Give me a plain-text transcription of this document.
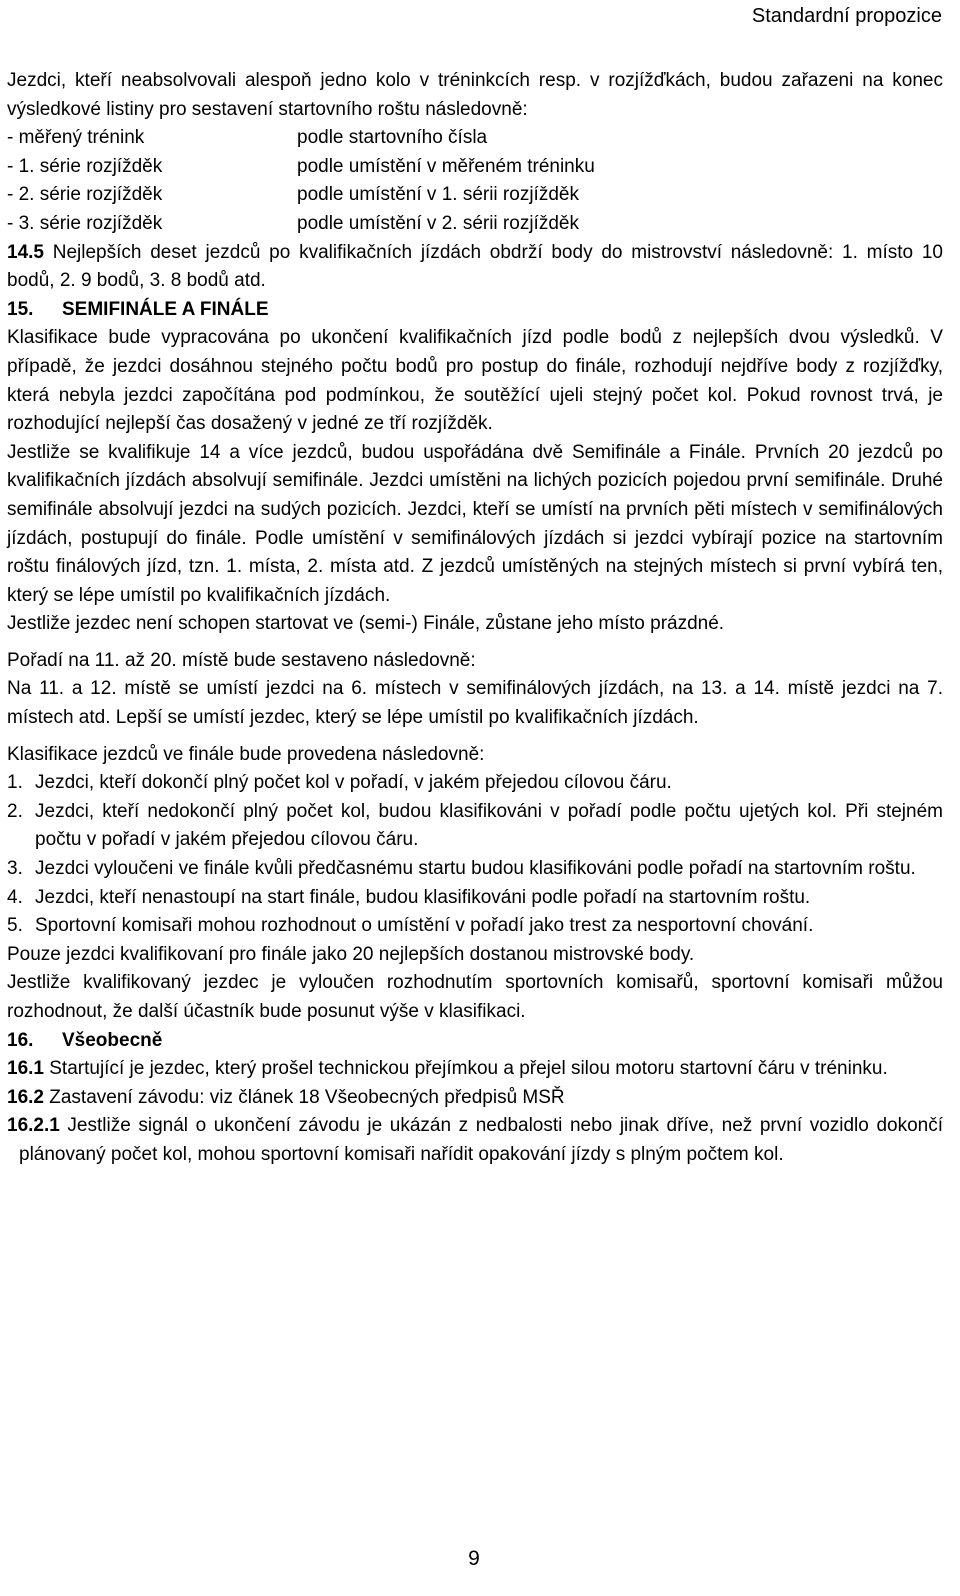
Standardní propozice

Jezdci, kteří neabsolvovali alespoň jedno kolo v tréninkcích resp. v rozjížďkách, budou zařazeni na konec výsledkové listiny pro sestavení startovního roštu následovně:

- měřený trénink	podle startovního čísla
- 1. série rozjížděk	podle umístění v měřeném tréninku
- 2. série rozjížděk	podle umístění v 1. sérii rozjížděk
- 3. série rozjížděk	podle umístění v 2. sérii rozjížděk

14.5 Nejlepších deset jezdců po kvalifikačních jízdách obdrží body do mistrovství následovně: 1. místo 10 bodů, 2. 9 bodů, 3. 8 bodů atd.

15.	SEMIFINÁLE A FINÁLE

Klasifikace bude vypracována po ukončení kvalifikačních jízd podle bodů z nejlepších dvou výsledků. V případě, že jezdci dosáhnou stejného počtu bodů pro postup do finále, rozhodují nejdříve body z rozjížďky, která nebyla jezdci započítána pod podmínkou, že soutěžící ujeli stejný počet kol. Pokud rovnost trvá, je rozhodující nejlepší čas dosažený v jedné ze tří rozjížděk.

Jestliže se kvalifikuje 14 a více jezdců, budou uspořádána dvě Semifinále a Finále. Prvních 20 jezdců po kvalifikačních jízdách absolvují semifinále. Jezdci umístěni na lichých pozicích pojedou první semifinále. Druhé semifinále absolvují jezdci na sudých pozicích. Jezdci, kteří se umístí na prvních pěti místech v semifinálových jízdách, postupují do finále. Podle umístění v semifinálových jízdách si jezdci vybírají pozice na startovním roštu finálových jízd, tzn. 1. místa, 2. místa atd. Z jezdců umístěných na stejných místech si první vybírá ten, který se lépe umístil po kvalifikačních jízdách.

Jestliže jezdec není schopen startovat ve (semi-) Finále, zůstane jeho místo prázdné.

Pořadí na 11. až 20. místě bude sestaveno následovně:

Na 11. a 12. místě se umístí jezdci na 6. místech v semifinálových jízdách, na 13. a 14. místě jezdci na 7. místech atd. Lepší se umístí jezdec, který se lépe umístil po kvalifikačních jízdách.

Klasifikace jezdců ve finále bude provedena následovně:

1. Jezdci, kteří dokončí plný počet kol v pořadí, v jakém přejedou cílovou čáru.
2. Jezdci, kteří nedokončí plný počet kol, budou klasifikováni v pořadí podle počtu ujetých kol. Při stejném počtu v pořadí v jakém přejedou cílovou čáru.
3. Jezdci vyloučeni ve finále kvůli předčasnému startu budou klasifikováni podle pořadí na startovním roštu.
4. Jezdci, kteří nenastoupí na start finále, budou klasifikováni podle pořadí na startovním roštu.
5. Sportovní komisaři mohou rozhodnout o umístění v pořadí jako trest za nesportovní chování.

Pouze jezdci kvalifikovaní pro finále jako 20 nejlepších dostanou mistrovské body.

Jestliže kvalifikovaný jezdec je vyloučen rozhodnutím sportovních komisařů, sportovní komisaři můžou rozhodnout, že další účastník bude posunut výše v klasifikaci.

16.	Všeobecně

16.1 Startující je jezdec, který prošel technickou přejímkou a přejel silou motoru startovní čáru v tréninku.

16.2 Zastavení závodu: viz článek 18 Všeobecných předpisů MSŘ

16.2.1 Jestliže signál o ukončení závodu je ukázán z nedbalosti nebo jinak dříve, než první vozidlo dokončí plánovaný počet kol, mohou sportovní komisaři nařídit opakování jízdy s plným počtem kol.

9
